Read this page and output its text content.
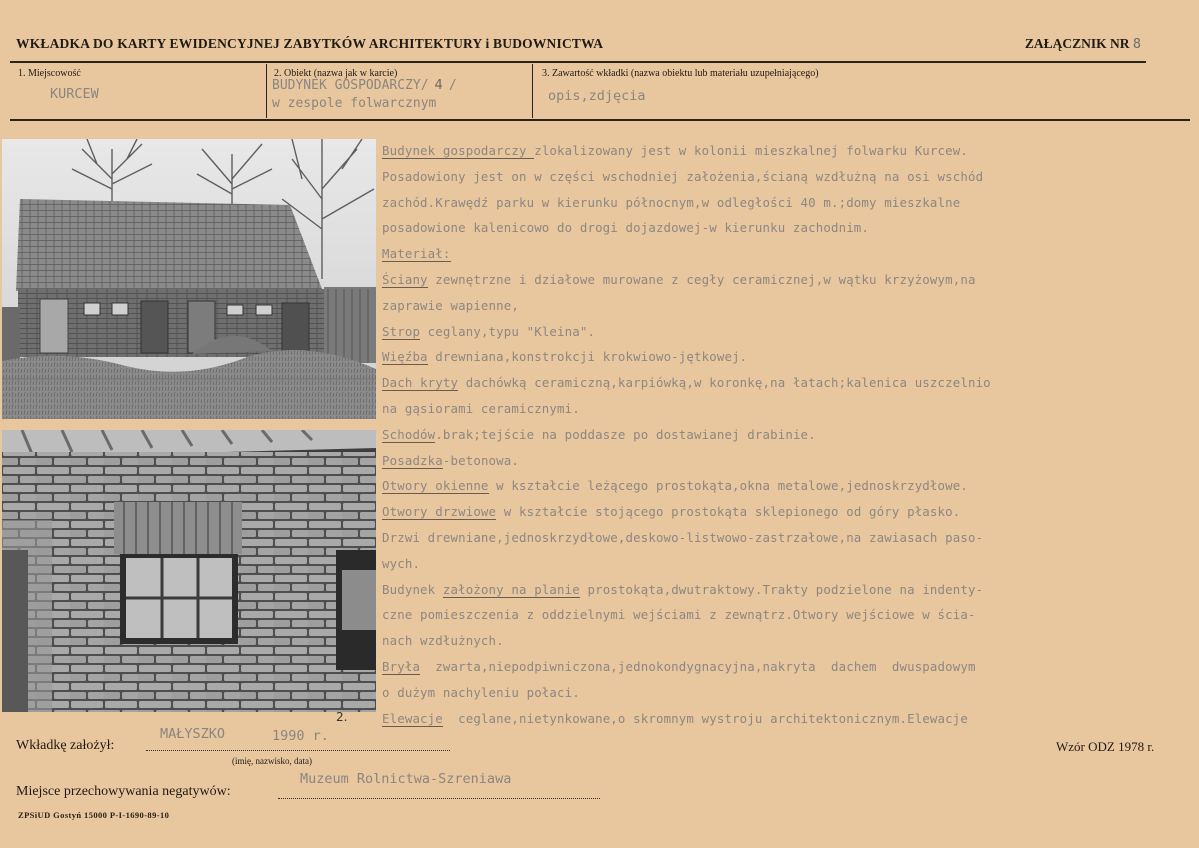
WKŁADKA DO KARTY EWIDENCYJNEJ ZABYTKÓW ARCHITEKTURY i BUDOWNICTWA	ZAŁĄCZNIK NR 8
1. Miejscowość
KURCEW
2. Obiekt (nazwa jak w karcie)
BUDYNEK GOSPODARCZY/ 4 /
w zespole folwarcznym
3. Zawartość wkładki (nazwa obiektu lub materiału uzupełniającego)
opis,zdjęcia
Budynek gospodarczy zlokalizowany jest w kolonii mieszkalnej folwarku Kurcew.
Posadowiony jest on w części wschodniej założenia,ścianą wzdłużną na osi wschód
zachód.Krawędź parku w kierunku północnym,w odległości 40 m.;domy mieszkalne
posadowione kalenicowo do drogi dojazdowej-w kierunku zachodnim.
Materiał:
Ściany zewnętrzne i działowe murowane z cegły ceramicznej,w wątku krzyżowym,na
zaprawie wapienne,
Strop ceglany,typu "Kleina".
Więźba drewniana,konstrokcji krokwiowo-jętkowej.
Dach kryty dachówką ceramiczną,karpiówką,w koronkę,na łatach;kalenica uszczelnio
na gąsiorami ceramicznymi.
Schodów.brak;tejście na poddasze po dostawianej drabinie.
Posadzka-betonowa.
Otwory okienne w kształcie leżącego prostokąta,okna metalowe,jednoskrzydłowe.
Otwory drzwiowe w kształcie stojącego prostokąta sklepionego od góry płasko.
Drzwi drewniane,jednoskrzydłowe,deskowo-listwowo-zastrzałowe,na zawiasach paso-
wych.
Budynek założony na planie prostokąta,dwutraktowy.Trakty podzielone na indenty-
czne pomieszczenia z oddzielnymi wejściami z zewnątrz.Otwory wejściowe w ścia-
nach wzdłużnych.
Bryła  zwarta,niepodpiwniczona,jednokondygnacyjna,nakryta  dachem  dwuspadowym
o dużym nachyleniu połaci.
Elewacje  ceglane,nietynkowane,o skromnym wystroju architektonicznym.Elewacje
Wkładkę założył:
MAŁYSZKO	1990 r.
2.
(imię, nazwisko, data)
Wzór ODZ 1978 r.
Miejsce przechowywania negatywów:
Muzeum Rolnictwa-Szreniawa
ZPSiUD Gostyń 15000 P-I-1690-89-10
